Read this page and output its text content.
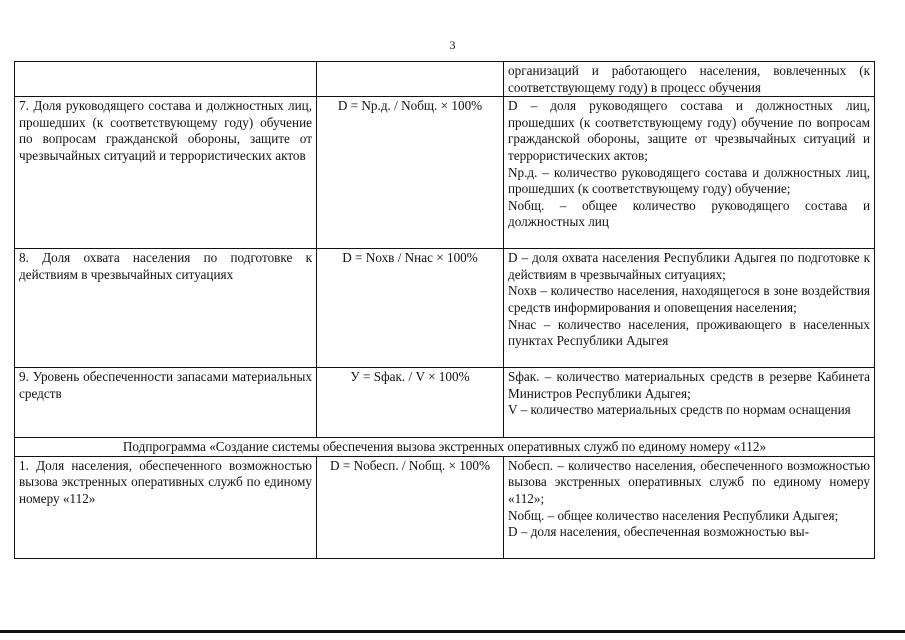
3

		организаций и работающего населения, вовлеченных (к соответствующему году) в процесс обучения

7. Доля руководящего состава и должностных лиц, прошедших (к соответствующему году) обучение по вопросам гражданской обороны, защите от чрезвычайных ситуаций и террористических актов	D = Nр.д. / Nобщ. × 100%	D – доля руководящего состава и должностных лиц, прошедших (к соответствующему году) обучение по вопросам гражданской обороны, защите от чрезвычайных ситуаций и террористических актов;

Nр.д. – количество руководящего состава и должностных лиц, прошедших (к соответствующему году) обучение;

Nобщ. – общее количество руководящего состава и должностных лиц

8. Доля охвата населения по подготовке к действиям в чрезвычайных ситуациях	D = Nохв / Nнас × 100%	D – доля охвата населения Республики Адыгея по подготовке к действиям в чрезвычайных ситуациях;

Nохв – количество населения, находящегося в зоне воздействия средств информирования и оповещения населения;

Nнас – количество населения, проживающего в населенных пунктах Республики Адыгея

9. Уровень обеспеченности запасами материальных средств	У = Sфак. / V × 100%	Sфак. – количество материальных средств в резерве Кабинета Министров Республики Адыгея;

V – количество материальных средств по нормам оснащения

Подпрограмма «Создание системы обеспечения вызова экстренных оперативных служб по единому номеру «112»		
1. Доля населения, обеспеченного возможностью вызова экстренных оперативных служб по единому номеру «112»	D = Nобесп. / Nобщ. × 100%	Nобесп. – количество населения, обеспеченного возможностью вызова экстренных оперативных служб по единому номеру «112»;

Nобщ. – общее количество населения Республики Адыгея;

D – доля населения, обеспеченная возможностью вы-
